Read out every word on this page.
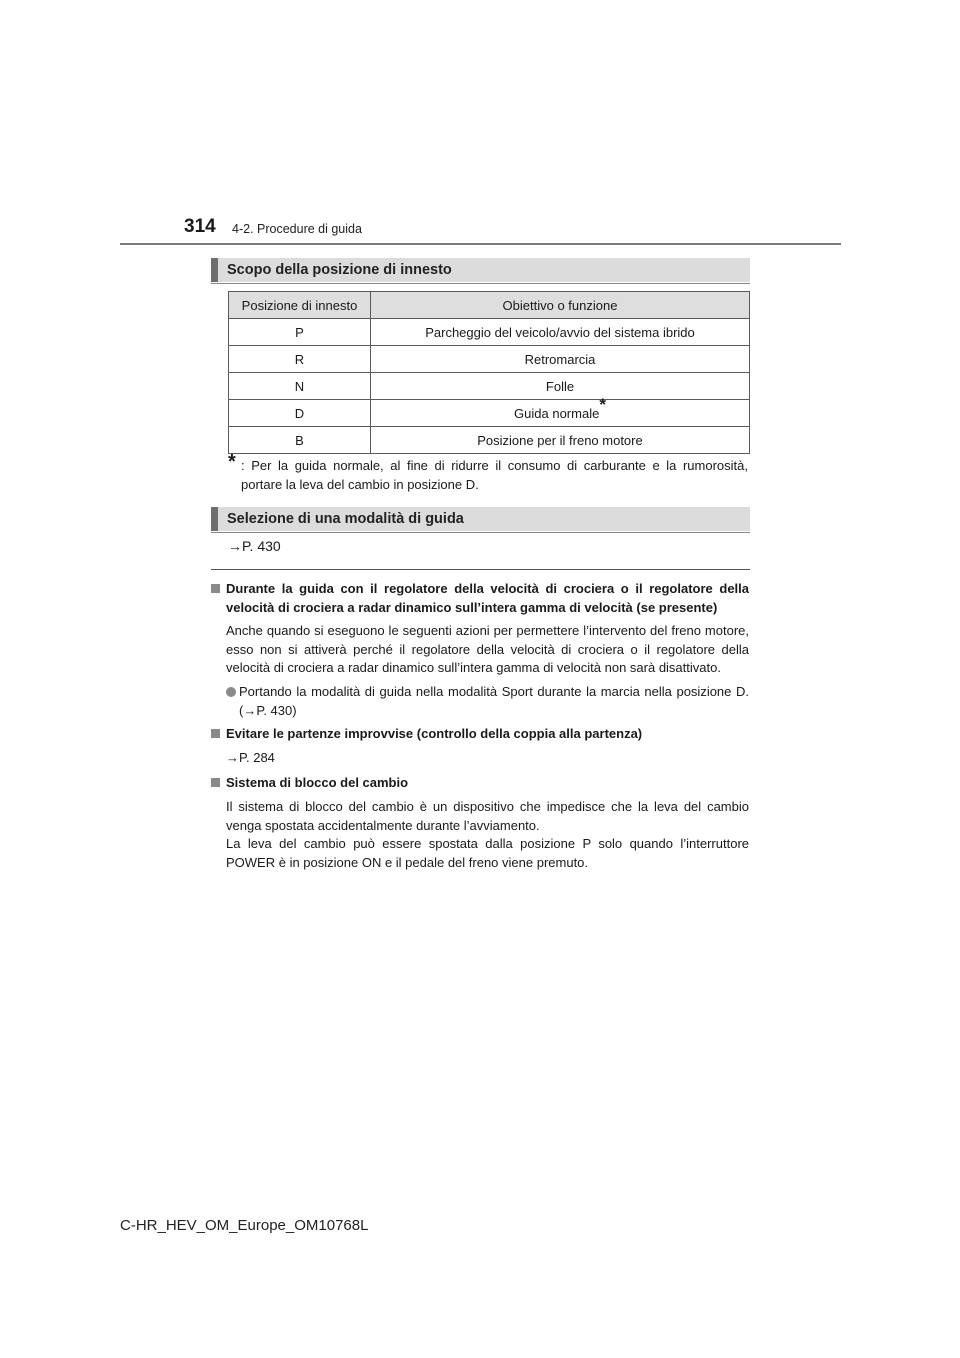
314 4-2. Procedure di guida
Scopo della posizione di innesto
Posizione di innesto	Obiettivo o funzione
P	Parcheggio del veicolo/avvio del sistema ibrido
R	Retromarcia
N	Folle
D	Guida normale*
B	Posizione per il freno motore
* : Per la guida normale, al fine di ridurre il consumo di carburante e la rumorosità, portare la leva del cambio in posizione D.
Selezione di una modalità di guida
→P. 430
Durante la guida con il regolatore della velocità di crociera o il regolatore della velocità di crociera a radar dinamico sull’intera gamma di velocità (se presente)
Anche quando si eseguono le seguenti azioni per permettere l’intervento del freno motore, esso non si attiverà perché il regolatore della velocità di crociera o il regolatore della velocità di crociera a radar dinamico sull’intera gamma di velocità non sarà disattivato.
Portando la modalità di guida nella modalità Sport durante la marcia nella posizione D. (→P. 430)
Evitare le partenze improvvise (controllo della coppia alla partenza)
→P. 284
Sistema di blocco del cambio
Il sistema di blocco del cambio è un dispositivo che impedisce che la leva del cambio venga spostata accidentalmente durante l’avviamento.
La leva del cambio può essere spostata dalla posizione P solo quando l’interruttore POWER è in posizione ON e il pedale del freno viene premuto.
C-HR_HEV_OM_Europe_OM10768L
